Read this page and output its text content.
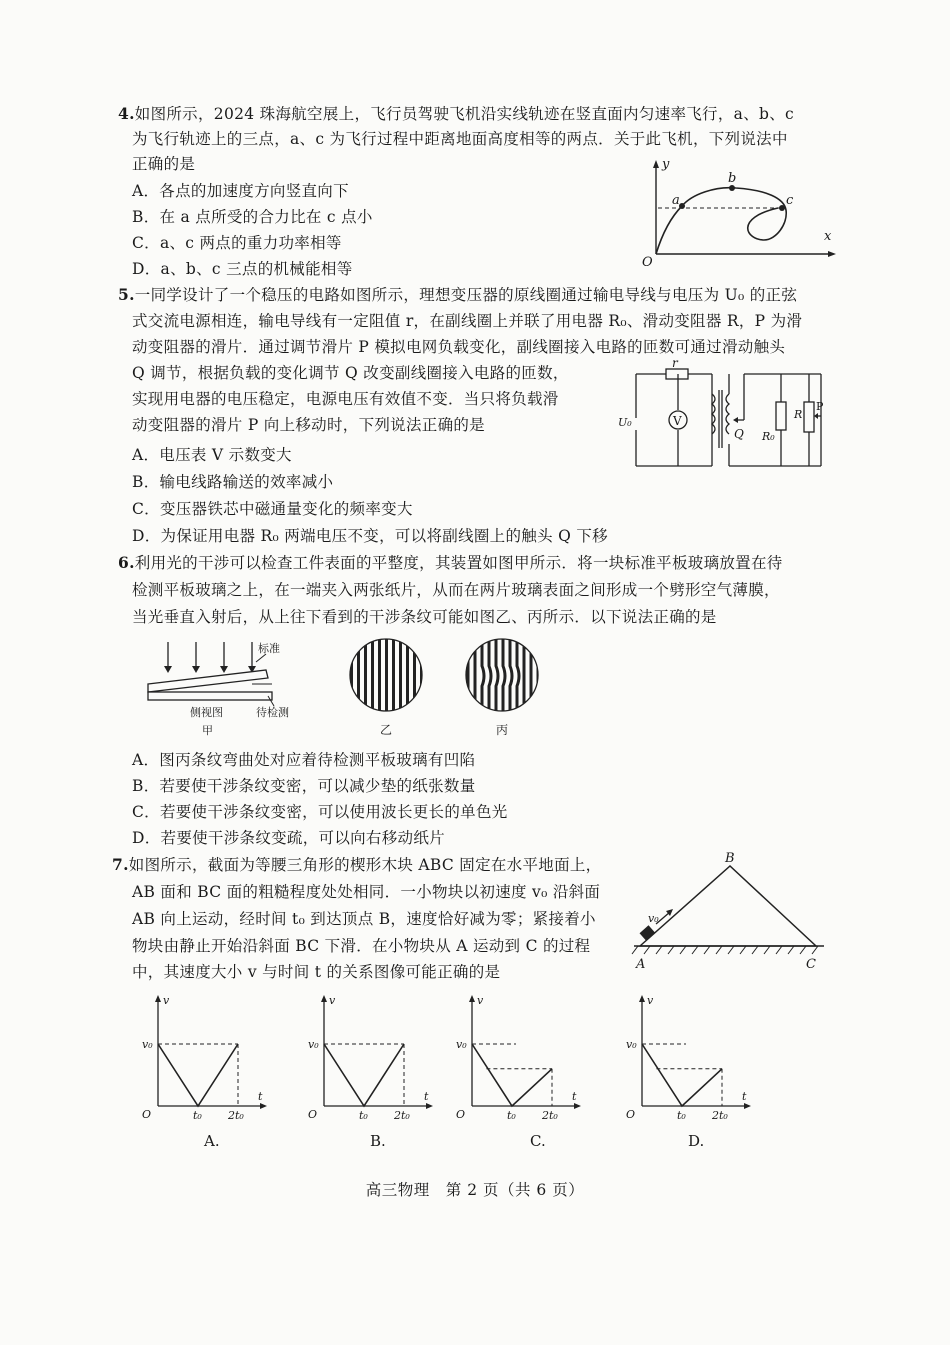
4.如图所示，2024 珠海航空展上，飞行员驾驶飞机沿实线轨迹在竖直面内匀速率飞行，a、b、c
为飞行轨迹上的三点，a、c 为飞行过程中距离地面高度相等的两点．关于此飞机，下列说法中
正确的是
A．各点的加速度方向竖直向下
B．在 a 点所受的合力比在 c 点小
C．a、c 两点的重力功率相等
D．a、b、c 三点的机械能相等
y
x
O
a
b
c
5.一同学设计了一个稳压的电路如图所示，理想变压器的原线圈通过输电导线与电压为 U₀ 的正弦
式交流电源相连，输电导线有一定阻值 r，在副线圈上并联了用电器 R₀、滑动变阻器 R，P 为滑
动变阻器的滑片．通过调节滑片 P 模拟电网负载变化，副线圈接入电路的匝数可通过滑动触头
Q 调节，根据负载的变化调节 Q 改变副线圈接入电路的匝数，
实现用电器的电压稳定，电源电压有效值不变．当只将负载滑
动变阻器的滑片 P 向上移动时，下列说法正确的是
A．电压表 V 示数变大
B．输电线路输送的效率减小
C．变压器铁芯中磁通量变化的频率变大
D．为保证用电器 R₀ 两端电压不变，可以将副线圈上的触头 Q 下移
r
U₀	V
Q R₀
R
P
6.利用光的干涉可以检查工件表面的平整度，其装置如图甲所示．将一块标准平板玻璃放置在待
检测平板玻璃之上，在一端夹入两张纸片，从而在两片玻璃表面之间形成一个劈形空气薄膜，
当光垂直入射后，从上往下看到的干涉条纹可能如图乙、丙所示．以下说法正确的是
标准
待检测
侧视图
甲	乙	丙
A．图丙条纹弯曲处对应着待检测平板玻璃有凹陷
B．若要使干涉条纹变密，可以减少垫的纸张数量
C．若要使干涉条纹变密，可以使用波长更长的单色光
D．若要使干涉条纹变疏，可以向右移动纸片
7.如图所示，截面为等腰三角形的楔形木块 ABC 固定在水平地面上，
AB 面和 BC 面的粗糙程度处处相同．一小物块以初速度 v₀ 沿斜面
AB 向上运动，经时间 t₀ 到达顶点 B，速度恰好减为零；紧接着小
物块由静止开始沿斜面 BC 下滑．在小物块从 A 运动到 C 的过程
中，其速度大小 v 与时间 t 的关系图像可能正确的是
v₀
A
B
C
v
t
O
v₀
t₀ 2t₀
A.
v
t
O
v₀
t₀ 2t₀
B.
v
t
O
v₀
t₀ 2t₀
C.
v
t
O
v₀
t₀ 2t₀
D.
高三物理　第 2 页（共 6 页）
